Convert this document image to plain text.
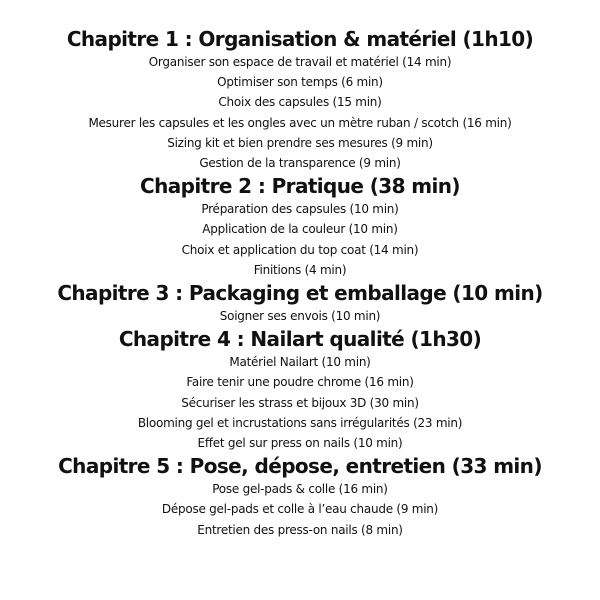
Chapitre 1 : Organisation & matériel (1h10)
Organiser son espace de travail et matériel (14 min)
Optimiser son temps (6 min)
Choix des capsules (15 min)
Mesurer les capsules et les ongles avec un mètre ruban / scotch (16 min)
Sizing kit et bien prendre ses mesures (9 min)
Gestion de la transparence (9 min)
Chapitre 2 : Pratique (38 min)
Préparation des capsules (10 min)
Application de la couleur (10 min)
Choix et application du top coat (14 min)
Finitions (4 min)
Chapitre 3 : Packaging et emballage (10 min)
Soigner ses envois (10 min)
Chapitre 4 : Nailart qualité (1h30)
Matériel Nailart (10 min)
Faire tenir une poudre chrome (16 min)
Sécuriser les strass et bijoux 3D (30 min)
Blooming gel et incrustations sans irrégularités (23 min)
Effet gel sur press on nails (10 min)
Chapitre 5 : Pose, dépose, entretien (33 min)
Pose gel-pads & colle (16 min)
Dépose gel-pads et colle à l’eau chaude (9 min)
Entretien des press-on nails (8 min)
